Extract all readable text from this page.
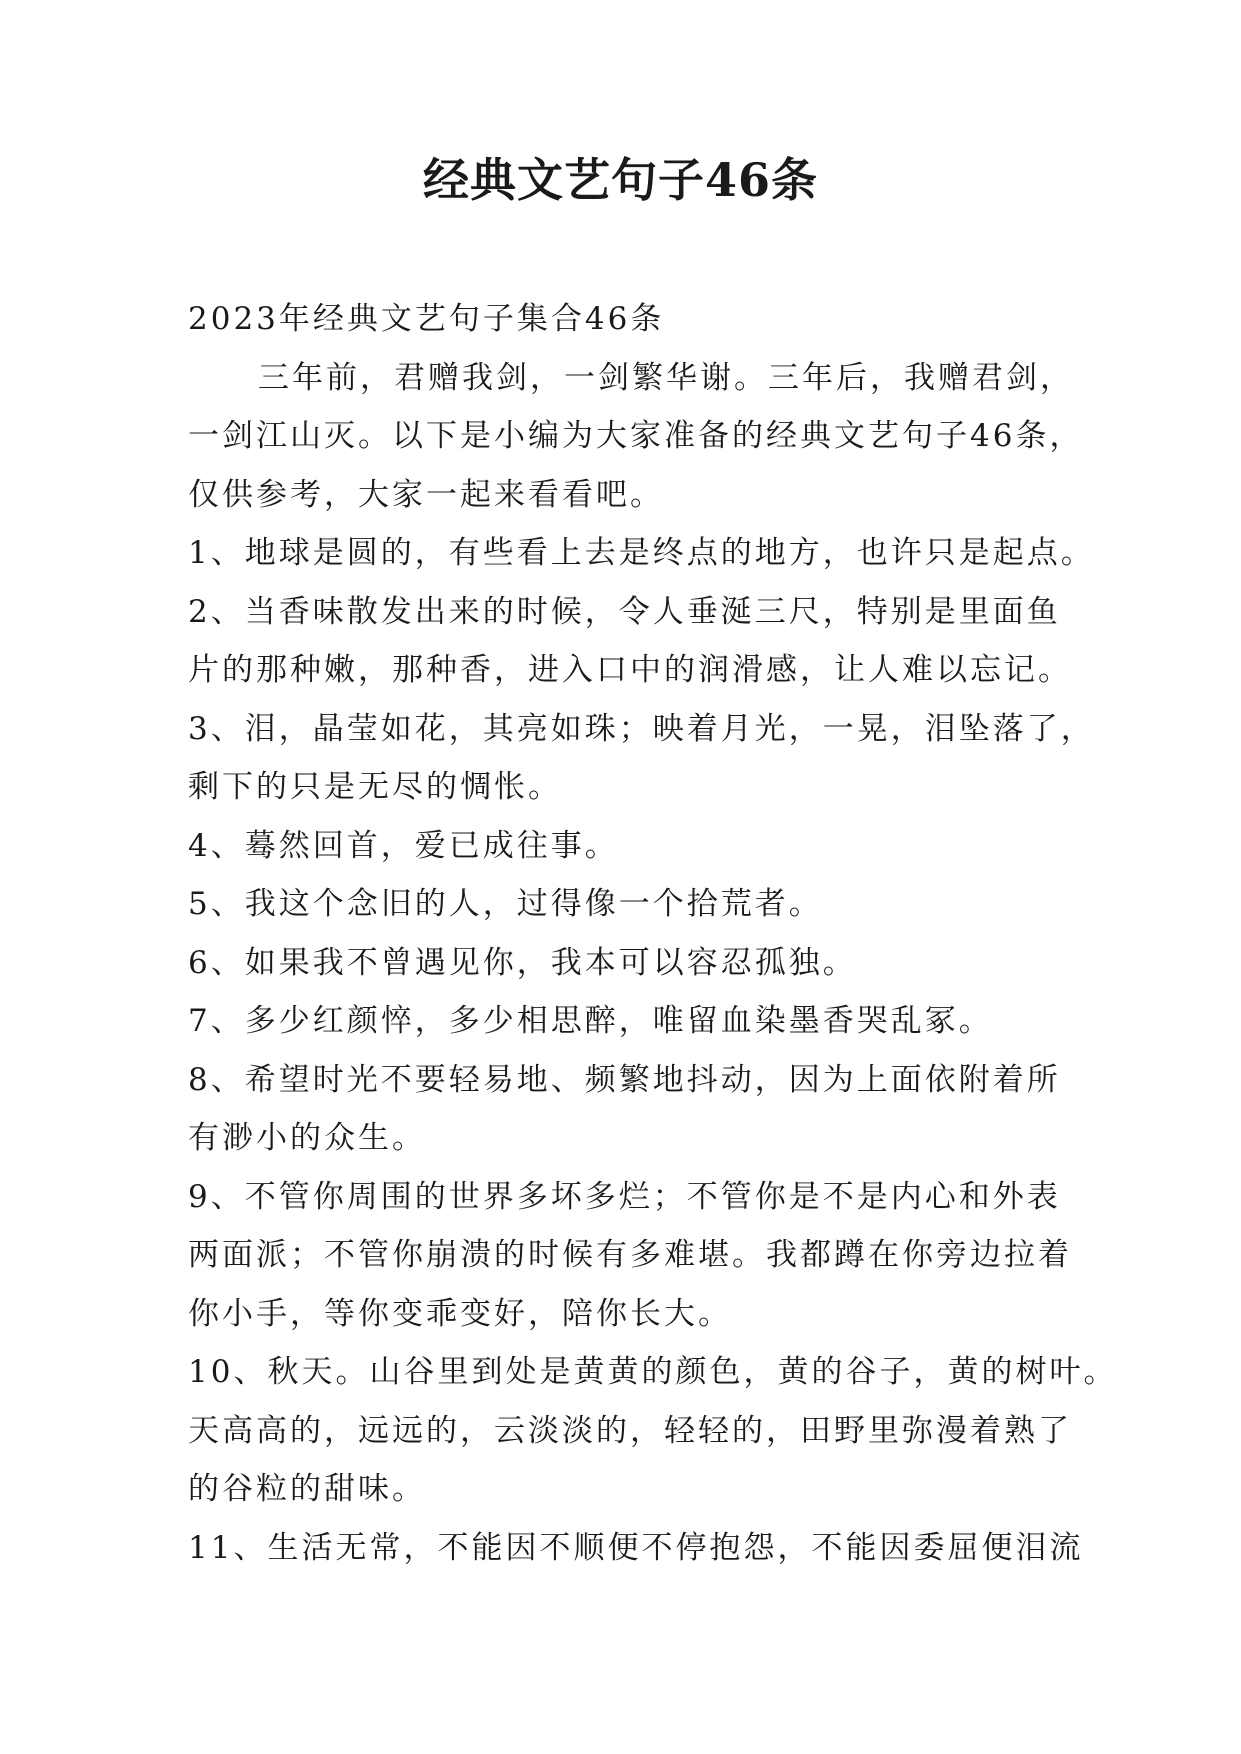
经典文艺句子46条
2023年经典文艺句子集合46条
三年前，君赠我剑，一剑繁华谢。三年后，我赠君剑，
一剑江山灭。以下是小编为大家准备的经典文艺句子46条，
仅供参考，大家一起来看看吧。
1、地球是圆的，有些看上去是终点的地方，也许只是起点。
2、当香味散发出来的时候，令人垂涎三尺，特别是里面鱼
片的那种嫩，那种香，进入口中的润滑感，让人难以忘记。
3、泪，晶莹如花，其亮如珠；映着月光，一晃，泪坠落了，
剩下的只是无尽的惆怅。
4、蓦然回首，爱已成往事。
5、我这个念旧的人，过得像一个拾荒者。
6、如果我不曾遇见你，我本可以容忍孤独。
7、多少红颜悴，多少相思醉，唯留血染墨香哭乱冢。
8、希望时光不要轻易地、频繁地抖动，因为上面依附着所
有渺小的众生。
9、不管你周围的世界多坏多烂；不管你是不是内心和外表
两面派；不管你崩溃的时候有多难堪。我都蹲在你旁边拉着
你小手，等你变乖变好，陪你长大。
10、秋天。山谷里到处是黄黄的颜色，黄的谷子，黄的树叶。
天高高的，远远的，云淡淡的，轻轻的，田野里弥漫着熟了
的谷粒的甜味。
11、生活无常，不能因不顺便不停抱怨，不能因委屈便泪流
